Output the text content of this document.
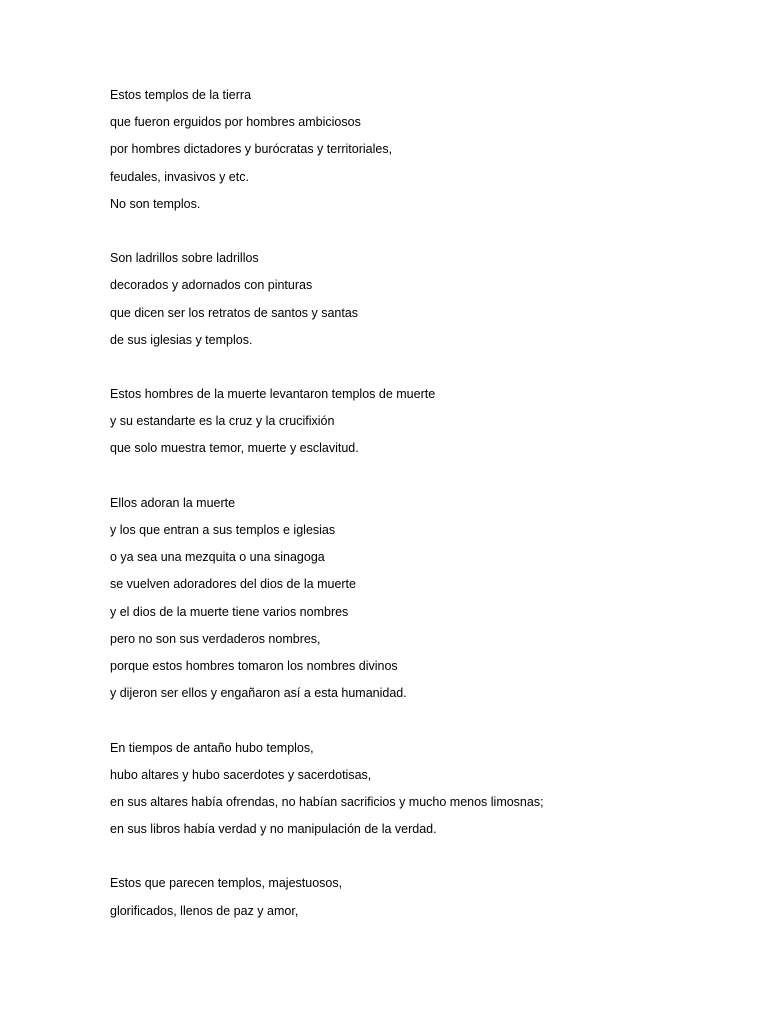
Estos templos de la tierra
que fueron erguidos por hombres ambiciosos
por hombres dictadores y burócratas y territoriales,
feudales, invasivos y etc.
No son templos.
Son ladrillos sobre ladrillos
decorados y adornados con pinturas
que dicen ser los retratos de santos y santas
de sus iglesias y templos.
Estos hombres de la muerte levantaron templos de muerte
y su estandarte es la cruz y la crucifixión
que solo muestra temor, muerte y esclavitud.
Ellos adoran la muerte
y los que entran a sus templos e iglesias
o ya sea una mezquita o una sinagoga
se vuelven adoradores del dios de la muerte
y el dios de la muerte tiene varios nombres
pero no son sus verdaderos nombres,
porque estos hombres tomaron los nombres divinos
y dijeron ser ellos y engañaron así a esta humanidad.
En tiempos de antaño hubo templos,
hubo altares y hubo sacerdotes y sacerdotisas,
en sus altares había ofrendas, no habían sacrificios y mucho menos limosnas;
en sus libros había verdad y no manipulación de la verdad.
Estos que parecen templos, majestuosos,
glorificados, llenos de paz y amor,
